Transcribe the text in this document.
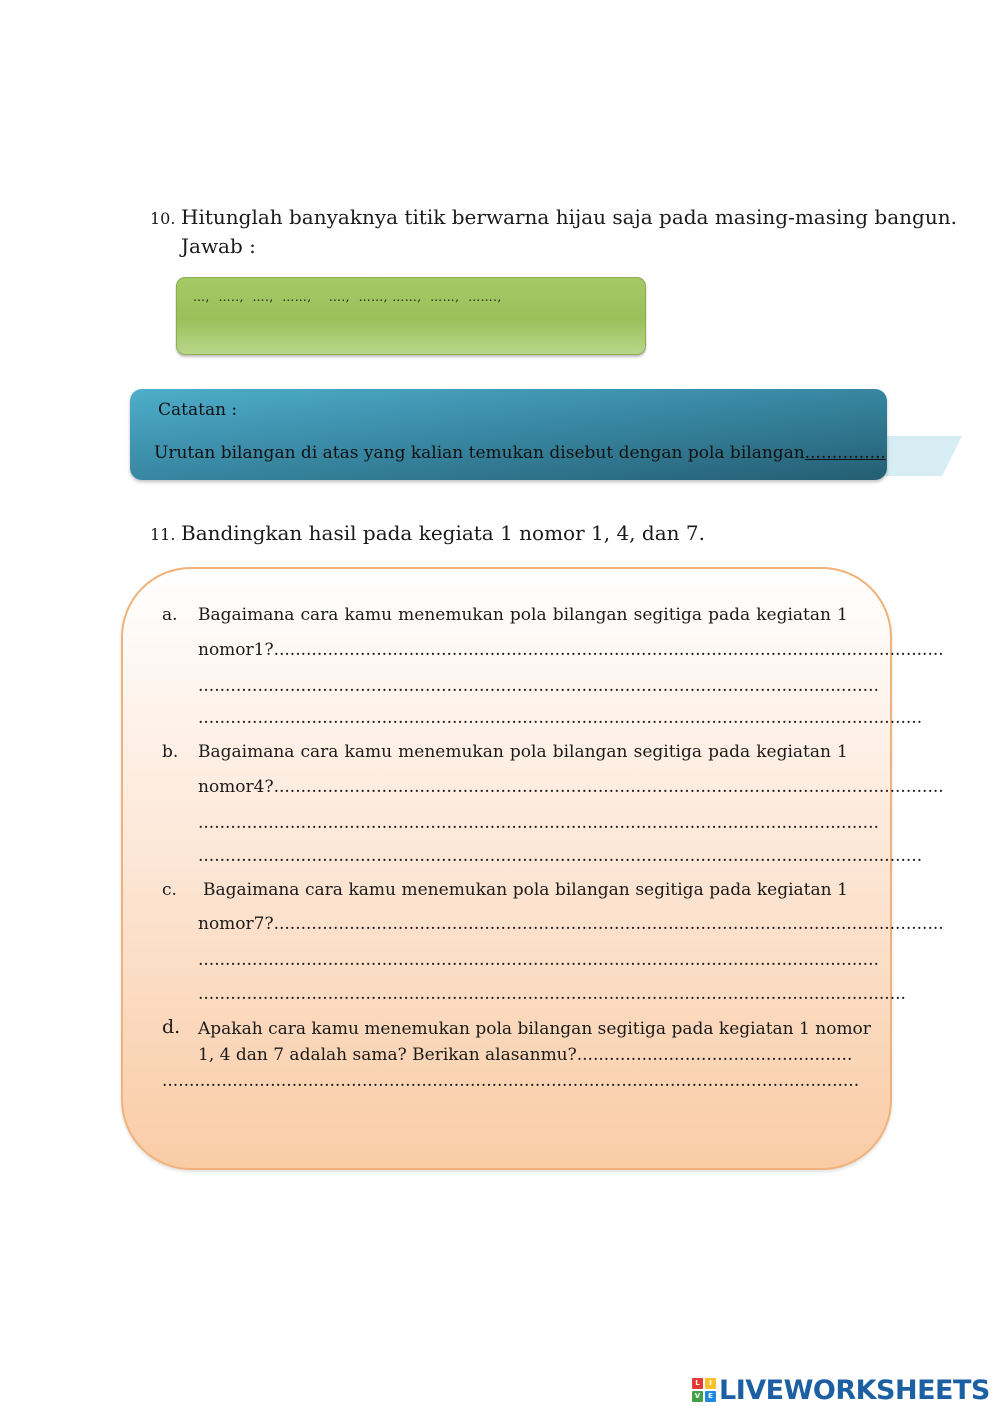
10. Hitunglah banyaknya titik berwarna hijau saja pada masing-masing bangun.
Jawab :
…,  …..,  ….,  ……,    ….,  ……, ……,  ……,  …….,
Catatan :
Urutan bilangan di atas yang kalian temukan disebut dengan pola bilangan...............
11. Bandingkan hasil pada kegiata 1 nomor 1, 4, dan 7.
a. Bagaimana cara kamu menemukan pola bilangan segitiga pada kegiatan 1
nomor1?............................................................................................................................
..............................................................................................................................
......................................................................................................................................
b. Bagaimana cara kamu menemukan pola bilangan segitiga pada kegiatan 1
nomor4?............................................................................................................................
..............................................................................................................................
......................................................................................................................................
c. Bagaimana cara kamu menemukan pola bilangan segitiga pada kegiatan 1
nomor7?............................................................................................................................
..............................................................................................................................
...................................................................................................................................
d. Apakah cara kamu menemukan pola bilangan segitiga pada kegiatan 1 nomor
1, 4 dan 7 adalah sama? Berikan alasanmu?...................................................
.................................................................................................................................
L	I
V	E LIVEWORKSHEETS
